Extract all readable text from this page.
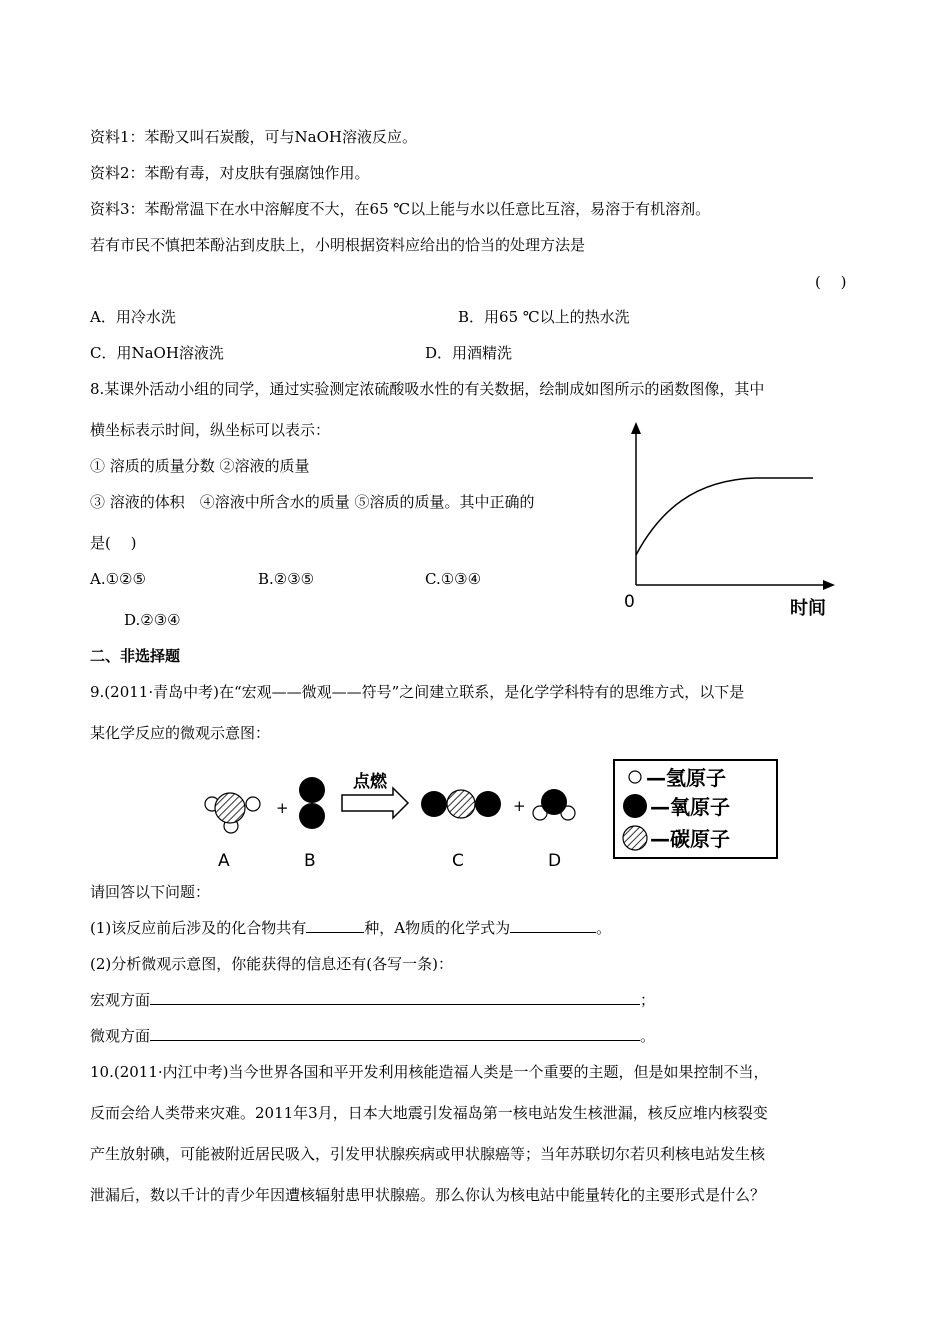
资料1：苯酚又叫石炭酸，可与NaOH溶液反应。
资料2：苯酚有毒，对皮肤有强腐蚀作用。
资料3：苯酚常温下在水中溶解度不大，在65 ℃以上能与水以任意比互溶，易溶于有机溶剂。
若有市民不慎把苯酚沾到皮肤上，小明根据资料应给出的恰当的处理方法是
(　 )
A．用冷水洗	B．用65 ℃以上的热水洗
C．用NaOH溶液洗	D．用酒精洗
8.某课外活动小组的同学，通过实验测定浓硫酸吸水性的有关数据，绘制成如图所示的函数图像，其中
横坐标表示时间，纵坐标可以表示：
① 溶质的质量分数 ②溶液的质量
③ 溶液的体积　④溶液中所含水的质量 ⑤溶质的质量。其中正确的
是(　 )
A.①②⑤	B.②③⑤	C.①③④
D.②③④
0	时间
二、非选择题
9.(2011·青岛中考)在“宏观——微观——符号”之间建立联系，是化学学科特有的思维方式，以下是
某化学反应的微观示意图：
+
点燃
+
A	B	C	D
—氢原子
—氧原子
—碳原子
请回答以下问题：
(1)该反应前后涉及的化合物共有	种，A物质的化学式为	。
(2)分析微观示意图，你能获得的信息还有(各写一条)：
宏观方面	；
微观方面	。
10.(2011·内江中考)当今世界各国和平开发利用核能造福人类是一个重要的主题，但是如果控制不当，
反而会给人类带来灾难。2011年3月，日本大地震引发福岛第一核电站发生核泄漏，核反应堆内核裂变
产生放射碘，可能被附近居民吸入，引发甲状腺疾病或甲状腺癌等；当年苏联切尔若贝利核电站发生核
泄漏后，数以千计的青少年因遭核辐射患甲状腺癌。那么你认为核电站中能量转化的主要形式是什么？
